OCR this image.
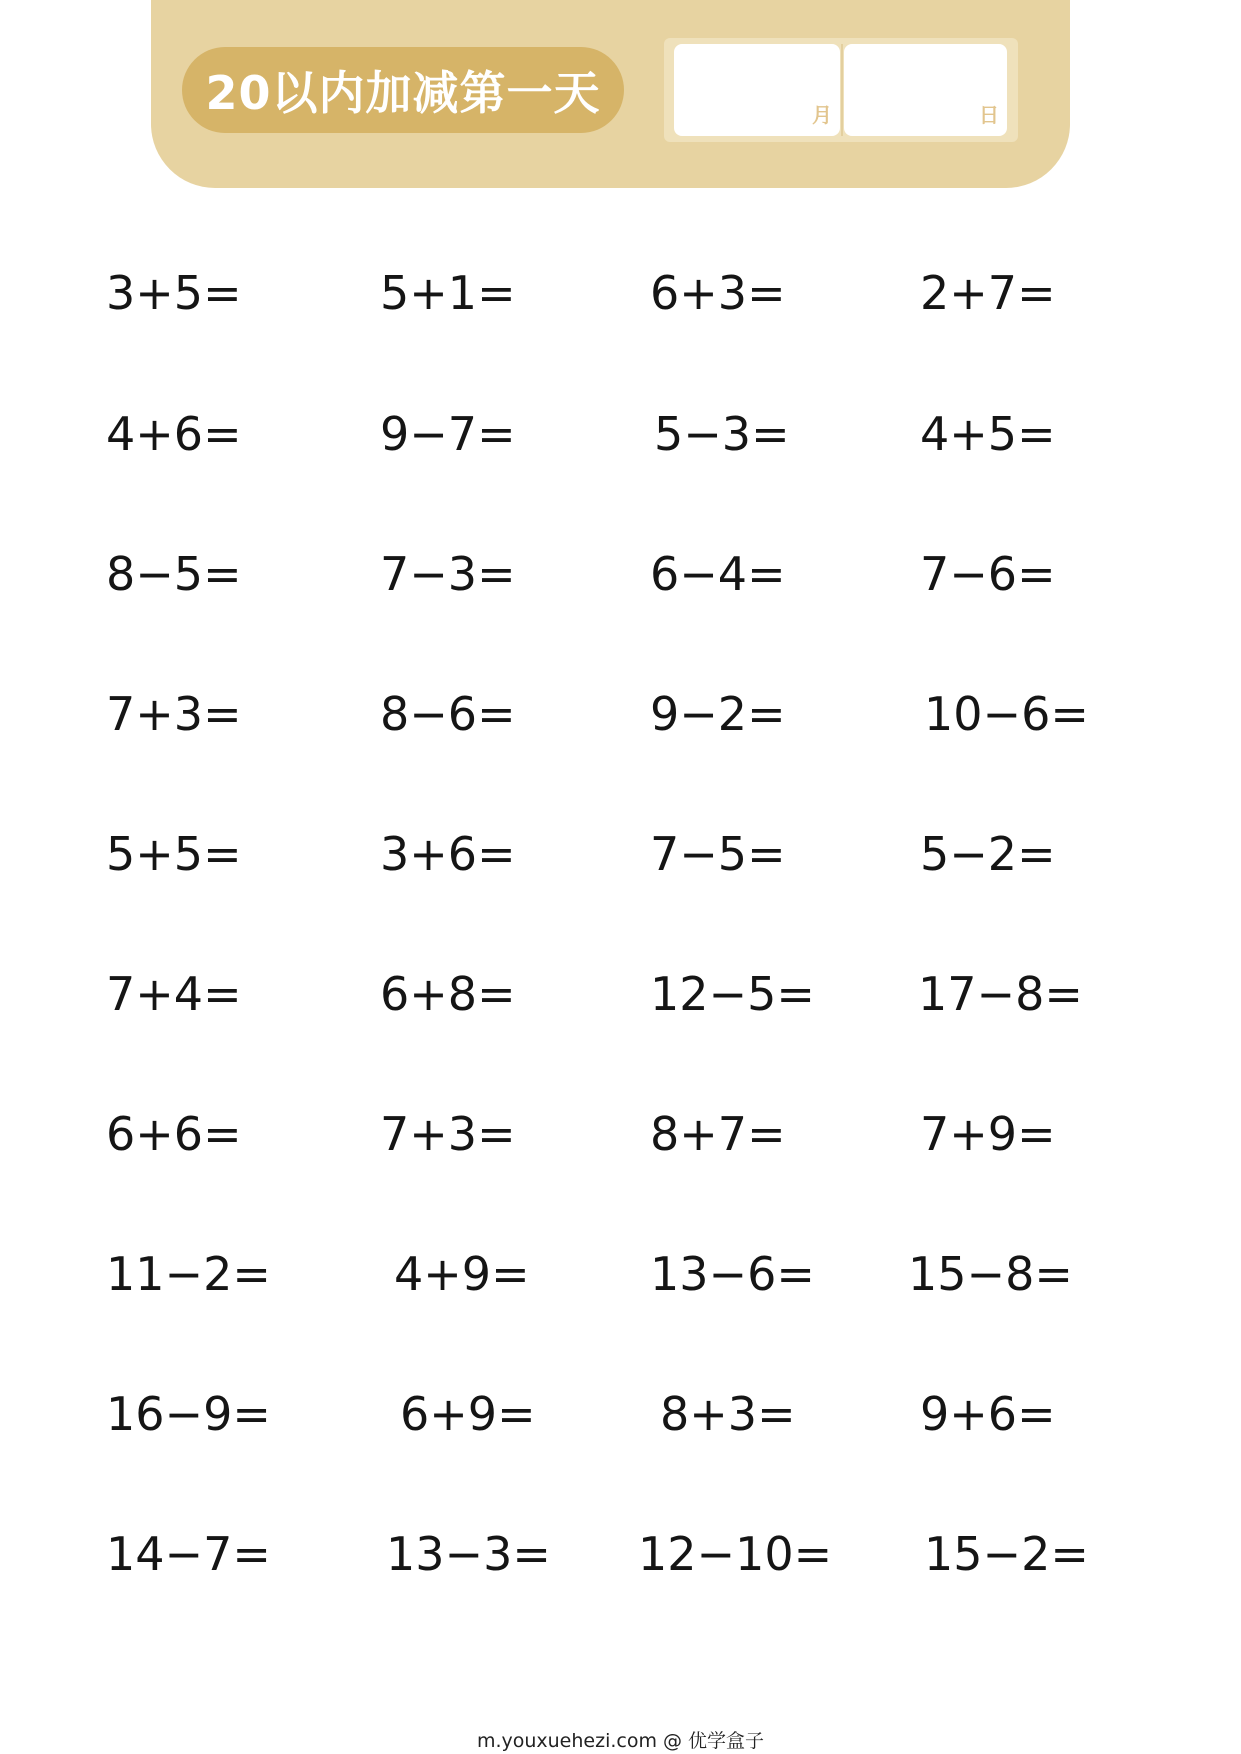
20以内加减第一天	月	日
3+5=	5+1=	6+3=	2+7=
4+6=	9−7=	5−3=	4+5=
8−5=	7−3=	6−4=	7−6=
7+3=	8−6=	9−2=	10−6=
5+5=	3+6=	7−5=	5−2=
7+4=	6+8=	12−5= 17−8=
6+6=	7+3=	8+7=	7+9=
11−2=	4+9=	13−6= 15−8=
16−9=	6+9=	8+3=	9+6=
14−7=	13−3= 12−10= 15−2=
m.youxuehezi.com @ 优学盒子
